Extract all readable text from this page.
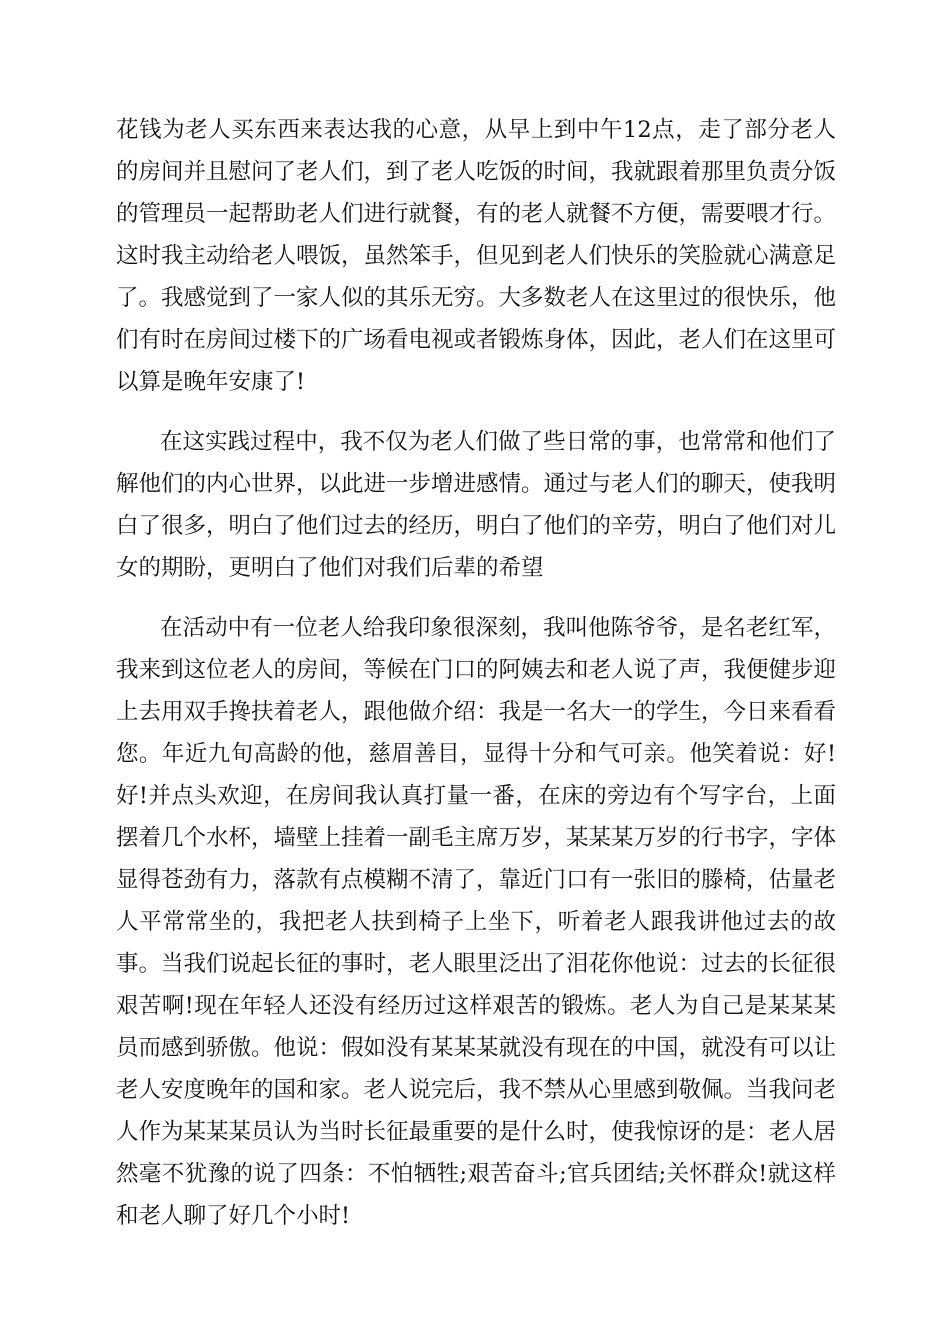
花钱为老人买东西来表达我的心意，从早上到中午12点，走了部分老人
的房间并且慰问了老人们，到了老人吃饭的时间，我就跟着那里负责分饭
的管理员一起帮助老人们进行就餐，有的老人就餐不方便，需要喂才行。
这时我主动给老人喂饭，虽然笨手，但见到老人们快乐的笑脸就心满意足
了。我感觉到了一家人似的其乐无穷。大多数老人在这里过的很快乐，他
们有时在房间过楼下的广场看电视或者锻炼身体，因此，老人们在这里可
以算是晚年安康了!
在这实践过程中，我不仅为老人们做了些日常的事，也常常和他们了
解他们的内心世界，以此进一步增进感情。通过与老人们的聊天，使我明
白了很多，明白了他们过去的经历，明白了他们的辛劳，明白了他们对儿
女的期盼，更明白了他们对我们后辈的希望
在活动中有一位老人给我印象很深刻，我叫他陈爷爷，是名老红军，
我来到这位老人的房间，等候在门口的阿姨去和老人说了声，我便健步迎
上去用双手搀扶着老人，跟他做介绍：我是一名大一的学生，今日来看看
您。年近九旬高龄的他，慈眉善目，显得十分和气可亲。他笑着说：好!
好!并点头欢迎，在房间我认真打量一番，在床的旁边有个写字台，上面
摆着几个水杯，墙壁上挂着一副毛主席万岁，某某某万岁的行书字，字体
显得苍劲有力，落款有点模糊不清了，靠近门口有一张旧的滕椅，估量老
人平常常坐的，我把老人扶到椅子上坐下，听着老人跟我讲他过去的故
事。当我们说起长征的事时，老人眼里泛出了泪花你他说：过去的长征很
艰苦啊!现在年轻人还没有经历过这样艰苦的锻炼。老人为自己是某某某
员而感到骄傲。他说：假如没有某某某就没有现在的中国，就没有可以让
老人安度晚年的国和家。老人说完后，我不禁从心里感到敬佩。当我问老
人作为某某某员认为当时长征最重要的是什么时，使我惊讶的是：老人居
然毫不犹豫的说了四条：不怕牺牲;艰苦奋斗;官兵团结;关怀群众!就这样
和老人聊了好几个小时!
